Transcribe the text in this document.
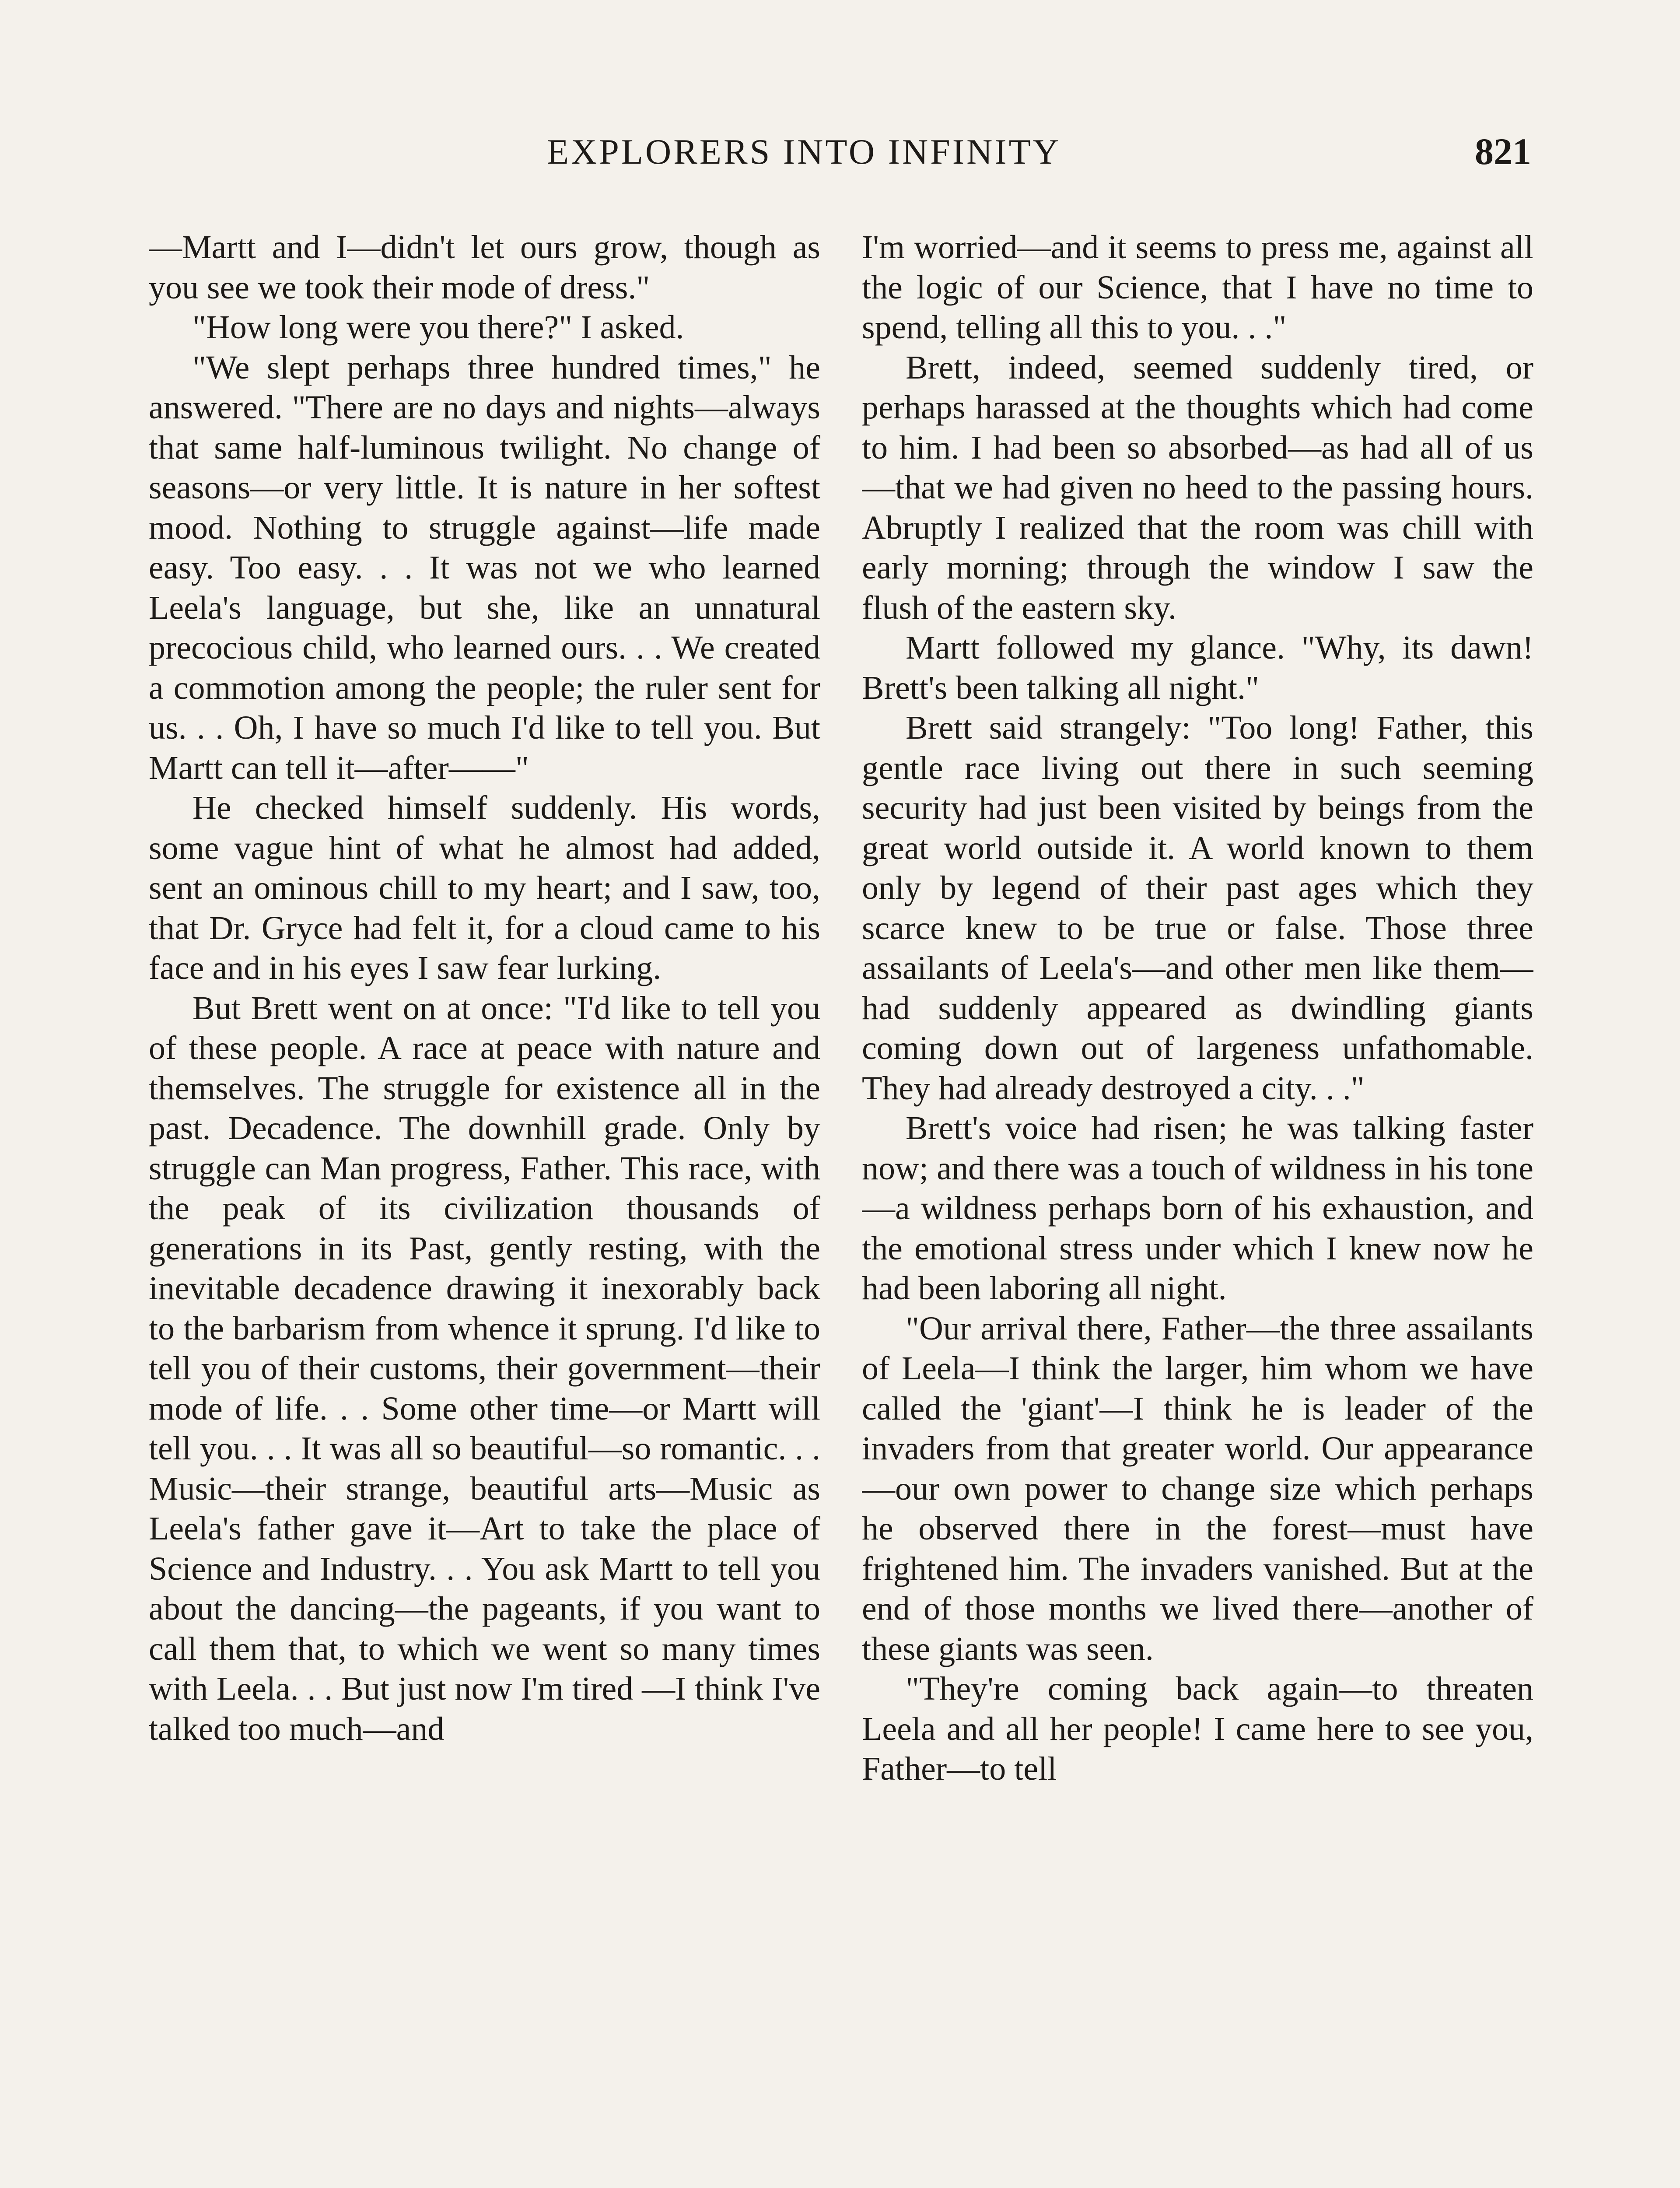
EXPLORERS INTO INFINITY	821

—Martt and I—didn't let ours grow, though as you see we took their mode of dress."

"How long were you there?" I asked.

"We slept perhaps three hundred times," he answered. "There are no days and nights—always that same half-luminous twilight. No change of seasons—or very little. It is nature in her softest mood. Nothing to struggle against—life made easy. Too easy. . . It was not we who learned Leela's language, but she, like an unnatural precocious child, who learned ours. . . We created a commotion among the people; the ruler sent for us. . . Oh, I have so much I'd like to tell you. But Martt can tell it—after——"

He checked himself suddenly. His words, some vague hint of what he almost had added, sent an ominous chill to my heart; and I saw, too, that Dr. Gryce had felt it, for a cloud came to his face and in his eyes I saw fear lurking.

But Brett went on at once: "I'd like to tell you of these people. A race at peace with nature and themselves. The struggle for existence all in the past. Decadence. The downhill grade. Only by struggle can Man progress, Father. This race, with the peak of its civilization thousands of generations in its Past, gently resting, with the inevitable decadence drawing it inexorably back to the barbarism from whence it sprung. I'd like to tell you of their customs, their government—their mode of life. . . Some other time—or Martt will tell you. . . It was all so beautiful—so romantic. . . Music—their strange, beautiful arts—Music as Leela's father gave it—Art to take the place of Science and Industry. . . You ask Martt to tell you about the dancing—the pageants, if you want to call them that, to which we went so many times with Leela. . . But just now I'm tired —I think I've talked too much—and

I'm worried—and it seems to press me, against all the logic of our Science, that I have no time to spend, telling all this to you. . ."

Brett, indeed, seemed suddenly tired, or perhaps harassed at the thoughts which had come to him. I had been so absorbed—as had all of us—that we had given no heed to the passing hours. Abruptly I realized that the room was chill with early morning; through the window I saw the flush of the eastern sky.

Martt followed my glance. "Why, its dawn! Brett's been talking all night."

Brett said strangely: "Too long! Father, this gentle race living out there in such seeming security had just been visited by beings from the great world outside it. A world known to them only by legend of their past ages which they scarce knew to be true or false. Those three assailants of Leela's—and other men like them—had suddenly appeared as dwindling giants coming down out of largeness unfathomable. They had already destroyed a city. . ."

Brett's voice had risen; he was talking faster now; and there was a touch of wildness in his tone—a wildness perhaps born of his exhaustion, and the emotional stress under which I knew now he had been laboring all night.

"Our arrival there, Father—the three assailants of Leela—I think the larger, him whom we have called the 'giant'—I think he is leader of the invaders from that greater world. Our appearance—our own power to change size which perhaps he observed there in the forest—must have frightened him. The invaders vanished. But at the end of those months we lived there—another of these giants was seen.

"They're coming back again—to threaten Leela and all her people! I came here to see you, Father—to tell
